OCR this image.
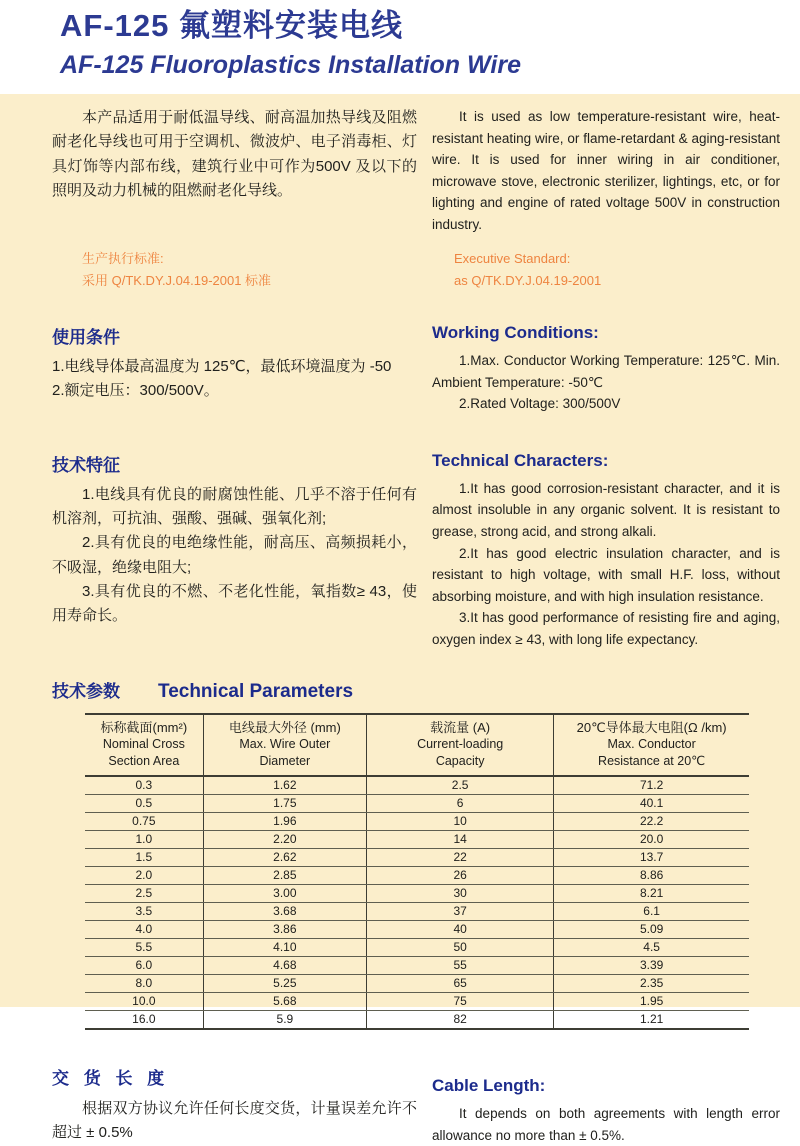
AF-125 氟塑料安装电线
AF-125 Fluoroplastics Installation Wire

本产品适用于耐低温导线、耐高温加热导线及阻燃耐老化导线也可用于空调机、微波炉、电子消毒柜、灯具灯饰等内部布线，建筑行业中可作为500V 及以下的照明及动力机械的阻燃耐老化导线。

It is used as low temperature-resistant wire, heat-resistant heating wire, or flame-retardant & aging-resistant wire. It is used for inner wiring in air conditioner, microwave stove, electronic sterilizer, lightings, etc, or for lighting and engine of rated voltage 500V in construction industry.

生产执行标准:

采用 Q/TK.DY.J.04.19-2001 标准

Executive Standard:

as Q/TK.DY.J.04.19-2001

使用条件

1.电线导体最高温度为 125℃，最低环境温度为 -50

2.额定电压：300/500V。

Working Conditions:

1.Max. Conductor Working Temperature: 125℃. Min. Ambient Temperature: -50℃

2.Rated Voltage: 300/500V

技术特征

1.电线具有优良的耐腐蚀性能、几乎不溶于任何有机溶剂，可抗油、强酸、强碱、强氧化剂;

2.具有优良的电绝缘性能，耐高压、高频损耗小，不吸湿，绝缘电阻大;

3.具有优良的不燃、不老化性能，氧指数≥ 43，使用寿命长。

Technical Characters:

1.It has good corrosion-resistant character, and it is almost insoluble in any organic solvent. It is resistant to grease, strong acid, and strong alkali.

2.It has good electric insulation character, and is resistant to high voltage, with small H.F. loss, without absorbing moisture, and with high insulation resistance.

3.It has good performance of resisting fire and aging, oxygen index ≥ 43, with long life expectancy.

技术参数 Technical Parameters
标称截面(mm²)
Nominal Cross
Section Area

电线最大外径 (mm)
Max. Wire Outer
Diameter

载流量 (A)
Current-loading
Capacity

20℃导体最大电阻(Ω /km)
Max. Conductor
Resistance at 20℃

0.3	1.62	2.5	71.2
0.5	1.75	6	40.1
0.75	1.96	10	22.2
1.0	2.20	14	20.0
1.5	2.62	22	13.7
2.0	2.85	26	8.86
2.5	3.00	30	8.21
3.5	3.68	37	6.1
4.0	3.86	40	5.09
5.5	4.10	50	4.5
6.0	4.68	55	3.39
8.0	5.25	65	2.35
10.0	5.68	75	1.95
16.0	5.9	82	1.21
交 货 长 度

根据双方协议允许任何长度交货，计量误差允许不超过 ± 0.5%

Cable Length:

It depends on both agreements with length error allowance no more than ± 0.5%.
